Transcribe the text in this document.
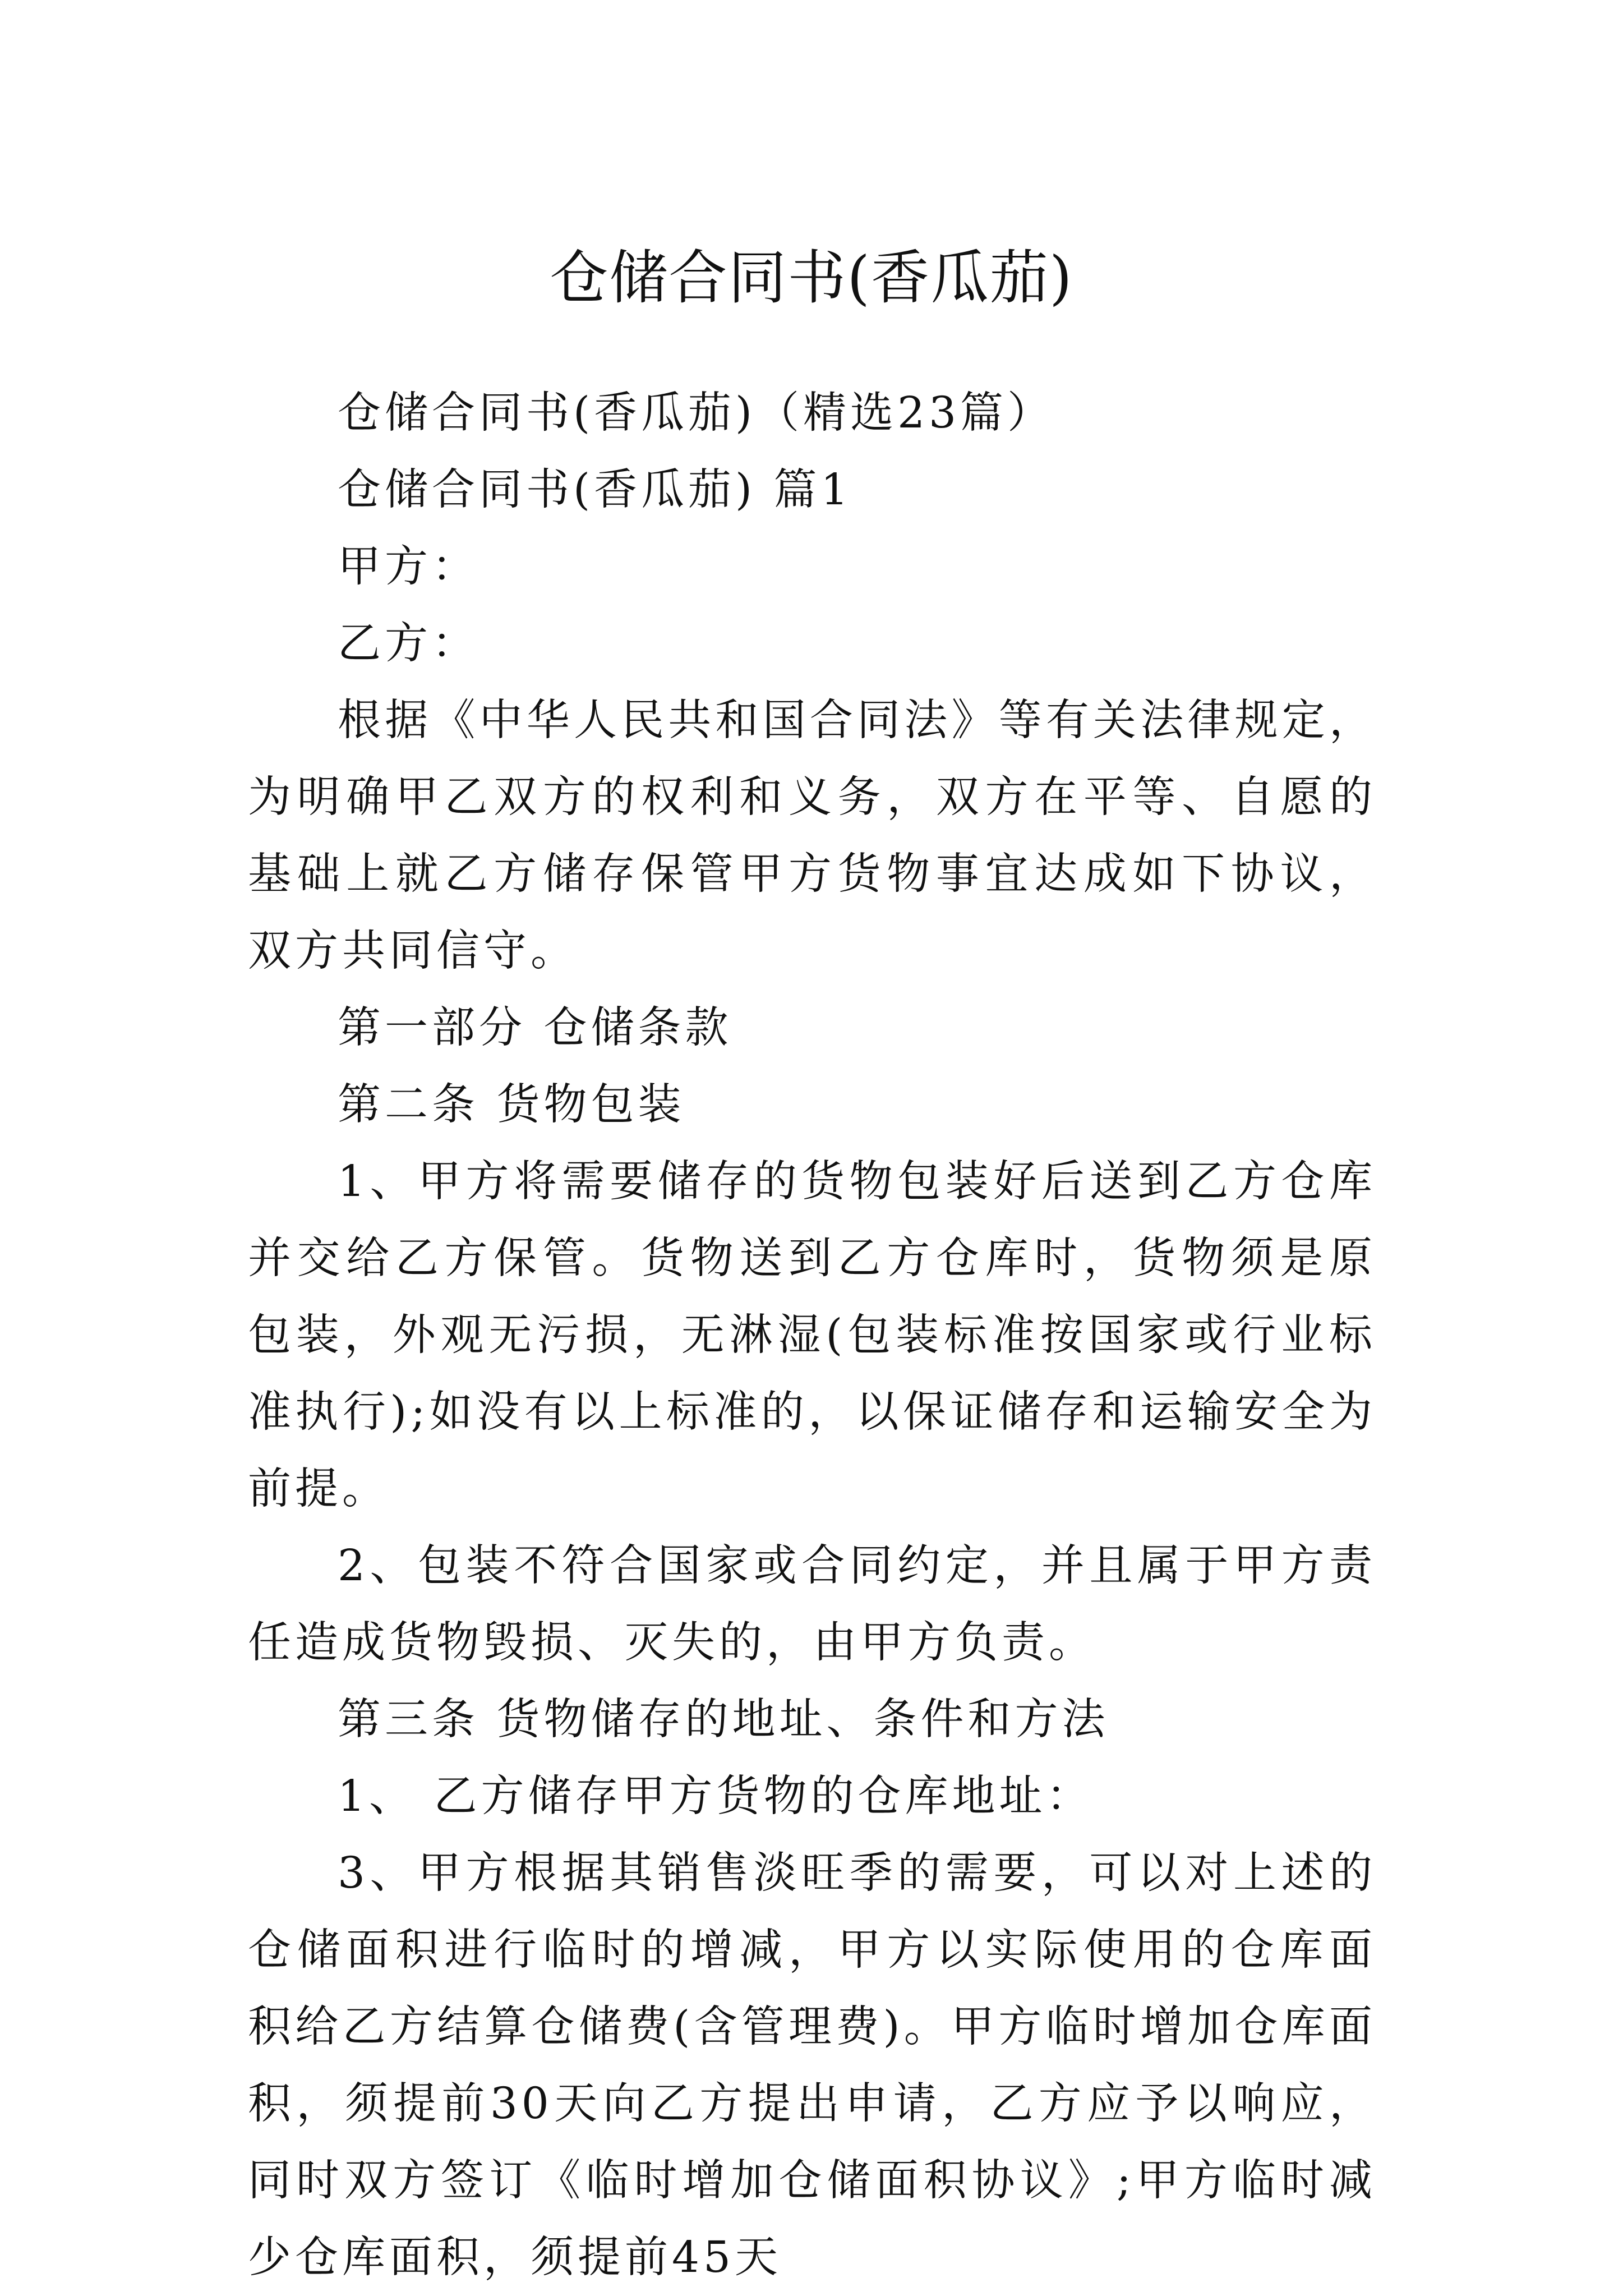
仓储合同书(香瓜茄)

仓储合同书(香瓜茄)（精选23篇）

仓储合同书(香瓜茄) 篇1

甲方：

乙方：

根据《中华人民共和国合同法》等有关法律规定，为明确甲乙双方的权利和义务，双方在平等、自愿的基础上就乙方储存保管甲方货物事宜达成如下协议，双方共同信守。

第一部分 仓储条款

第二条 货物包装

1、甲方将需要储存的货物包装好后送到乙方仓库并交给乙方保管。货物送到乙方仓库时，货物须是原包装，外观无污损，无淋湿(包装标准按国家或行业标准执行);如没有以上标准的，以保证储存和运输安全为前提。

2、包装不符合国家或合同约定，并且属于甲方责任造成货物毁损、灭失的，由甲方负责。

第三条 货物储存的地址、条件和方法

1、 乙方储存甲方货物的仓库地址：

3、甲方根据其销售淡旺季的需要，可以对上述的仓储面积进行临时的增减，甲方以实际使用的仓库面积给乙方结算仓储费(含管理费)。甲方临时增加仓库面积，须提前30天向乙方提出申请，乙方应予以响应，同时双方签订《临时增加仓储面积协议》;甲方临时减少仓库面积，须提前45天
